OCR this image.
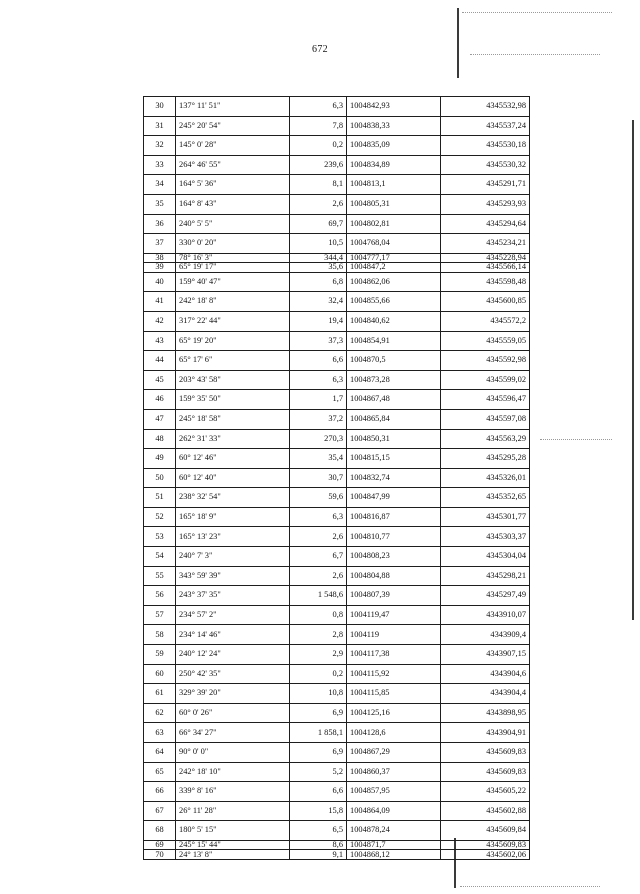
672
30	137° 11' 51"	6,3	1004842,93	4345532,98
31	245° 20' 54"	7,8	1004838,33	4345537,24
32	145° 0' 28"	0,2	1004835,09	4345530,18
33	264° 46' 55"	239,6	1004834,89	4345530,32
34	164° 5' 36"	8,1	1004813,1	4345291,71
35	164° 8' 43"	2,6	1004805,31	4345293,93
36	240° 5' 5"	69,7	1004802,81	4345294,64
37	330° 0' 20"	10,5	1004768,04	4345234,21
38	78° 16' 3"	344,4	1004777,17	4345228,94
39	65° 19' 17"	35,6	1004847,2	4345566,14
40	159° 40' 47"	6,8	1004862,06	4345598,48
41	242° 18' 8"	32,4	1004855,66	4345600,85
42	317° 22' 44"	19,4	1004840,62	4345572,2
43	65° 19' 20"	37,3	1004854,91	4345559,05
44	65° 17' 6"	6,6	1004870,5	4345592,98
45	203° 43' 58"	6,3	1004873,28	4345599,02
46	159° 35' 50"	1,7	1004867,48	4345596,47
47	245° 18' 58"	37,2	1004865,84	4345597,08
48	262° 31' 33"	270,3	1004850,31	4345563,29
49	60° 12' 46"	35,4	1004815,15	4345295,28
50	60° 12' 40"	30,7	1004832,74	4345326,01
51	238° 32' 54"	59,6	1004847,99	4345352,65
52	165° 18' 9"	6,3	1004816,87	4345301,77
53	165° 13' 23"	2,6	1004810,77	4345303,37
54	240° 7' 3"	6,7	1004808,23	4345304,04
55	343° 59' 39"	2,6	1004804,88	4345298,21
56	243° 37' 35"	1 548,6	1004807,39	4345297,49
57	234° 57' 2"	0,8	1004119,47	4343910,07
58	234° 14' 46"	2,8	1004119	4343909,4
59	240° 12' 24"	2,9	1004117,38	4343907,15
60	250° 42' 35"	0,2	1004115,92	4343904,6
61	329° 39' 20"	10,8	1004115,85	4343904,4
62	60° 0' 26"	6,9	1004125,16	4343898,95
63	66° 34' 27"	1 858,1	1004128,6	4343904,91
64	90° 0' 0"	6,9	1004867,29	4345609,83
65	242° 18' 10"	5,2	1004860,37	4345609,83
66	339° 8' 16"	6,6	1004857,95	4345605,22
67	26° 11' 28"	15,8	1004864,09	4345602,88
68	180° 5' 15"	6,5	1004878,24	4345609,84
69	245° 15' 44"	8,6	1004871,7	4345609,83
70	24° 13' 8"	9,1	1004868,12	4345602,06
